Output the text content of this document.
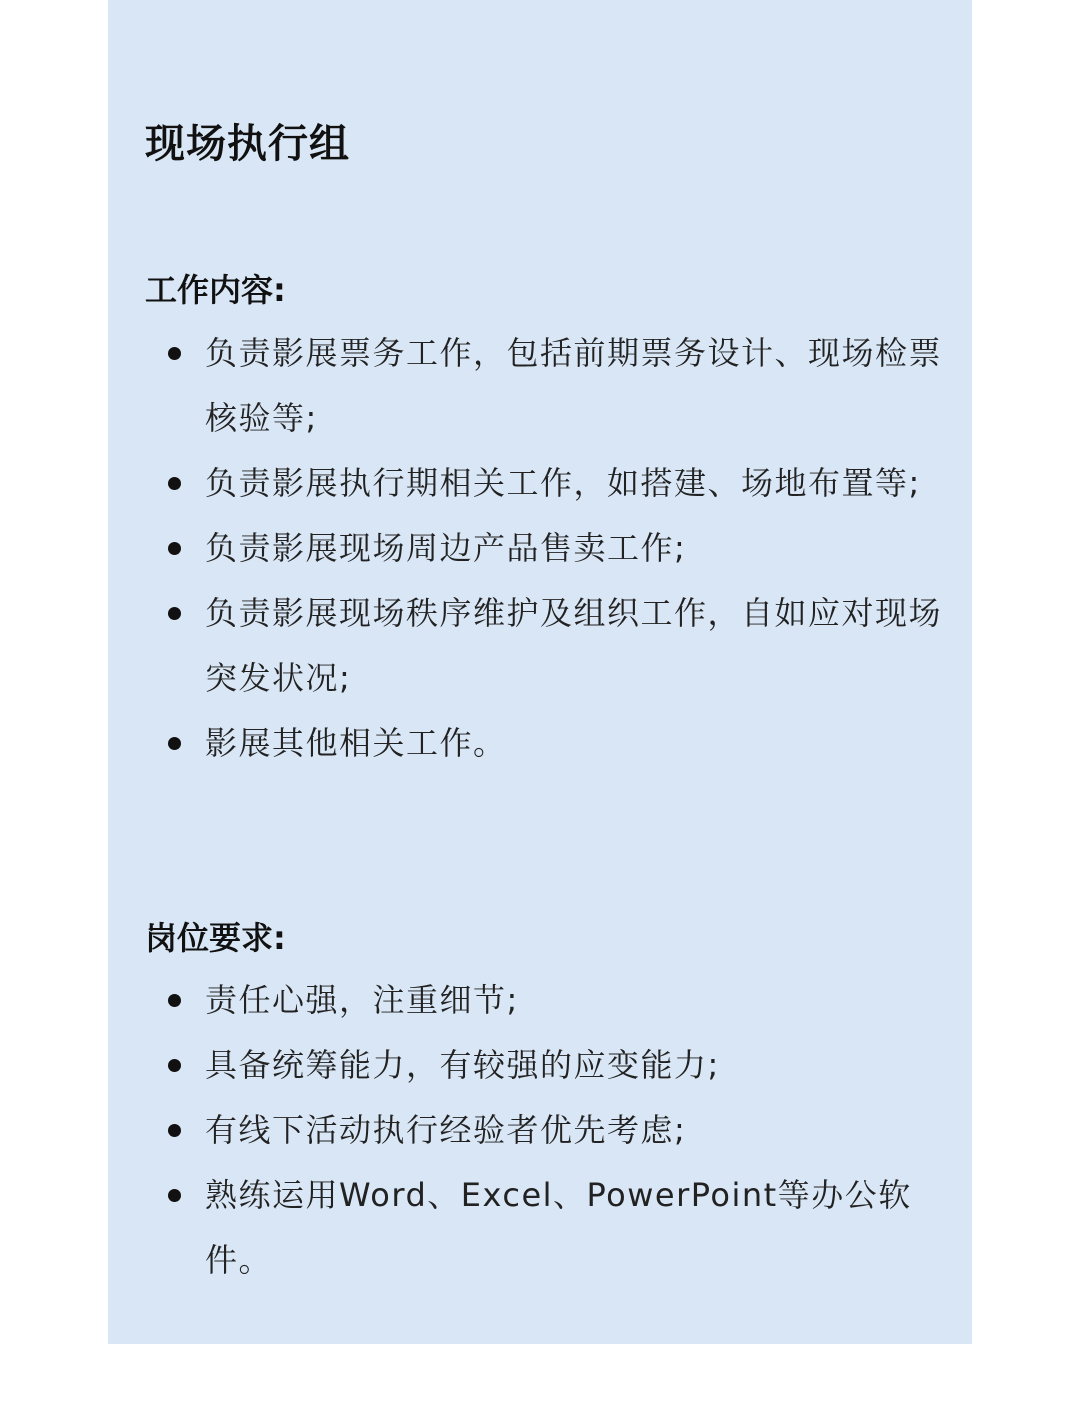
现场执行组
工作内容:
负责影展票务工作，包括前期票务设计、现场检票核验等;
负责影展执行期相关工作，如搭建、场地布置等;
负责影展现场周边产品售卖工作;
负责影展现场秩序维护及组织工作，自如应对现场突发状况;
影展其他相关工作。
岗位要求:
责任心强，注重细节;
具备统筹能力，有较强的应变能力;
有线下活动执行经验者优先考虑;
熟练运用Word、Excel、PowerPoint等办公软件。
